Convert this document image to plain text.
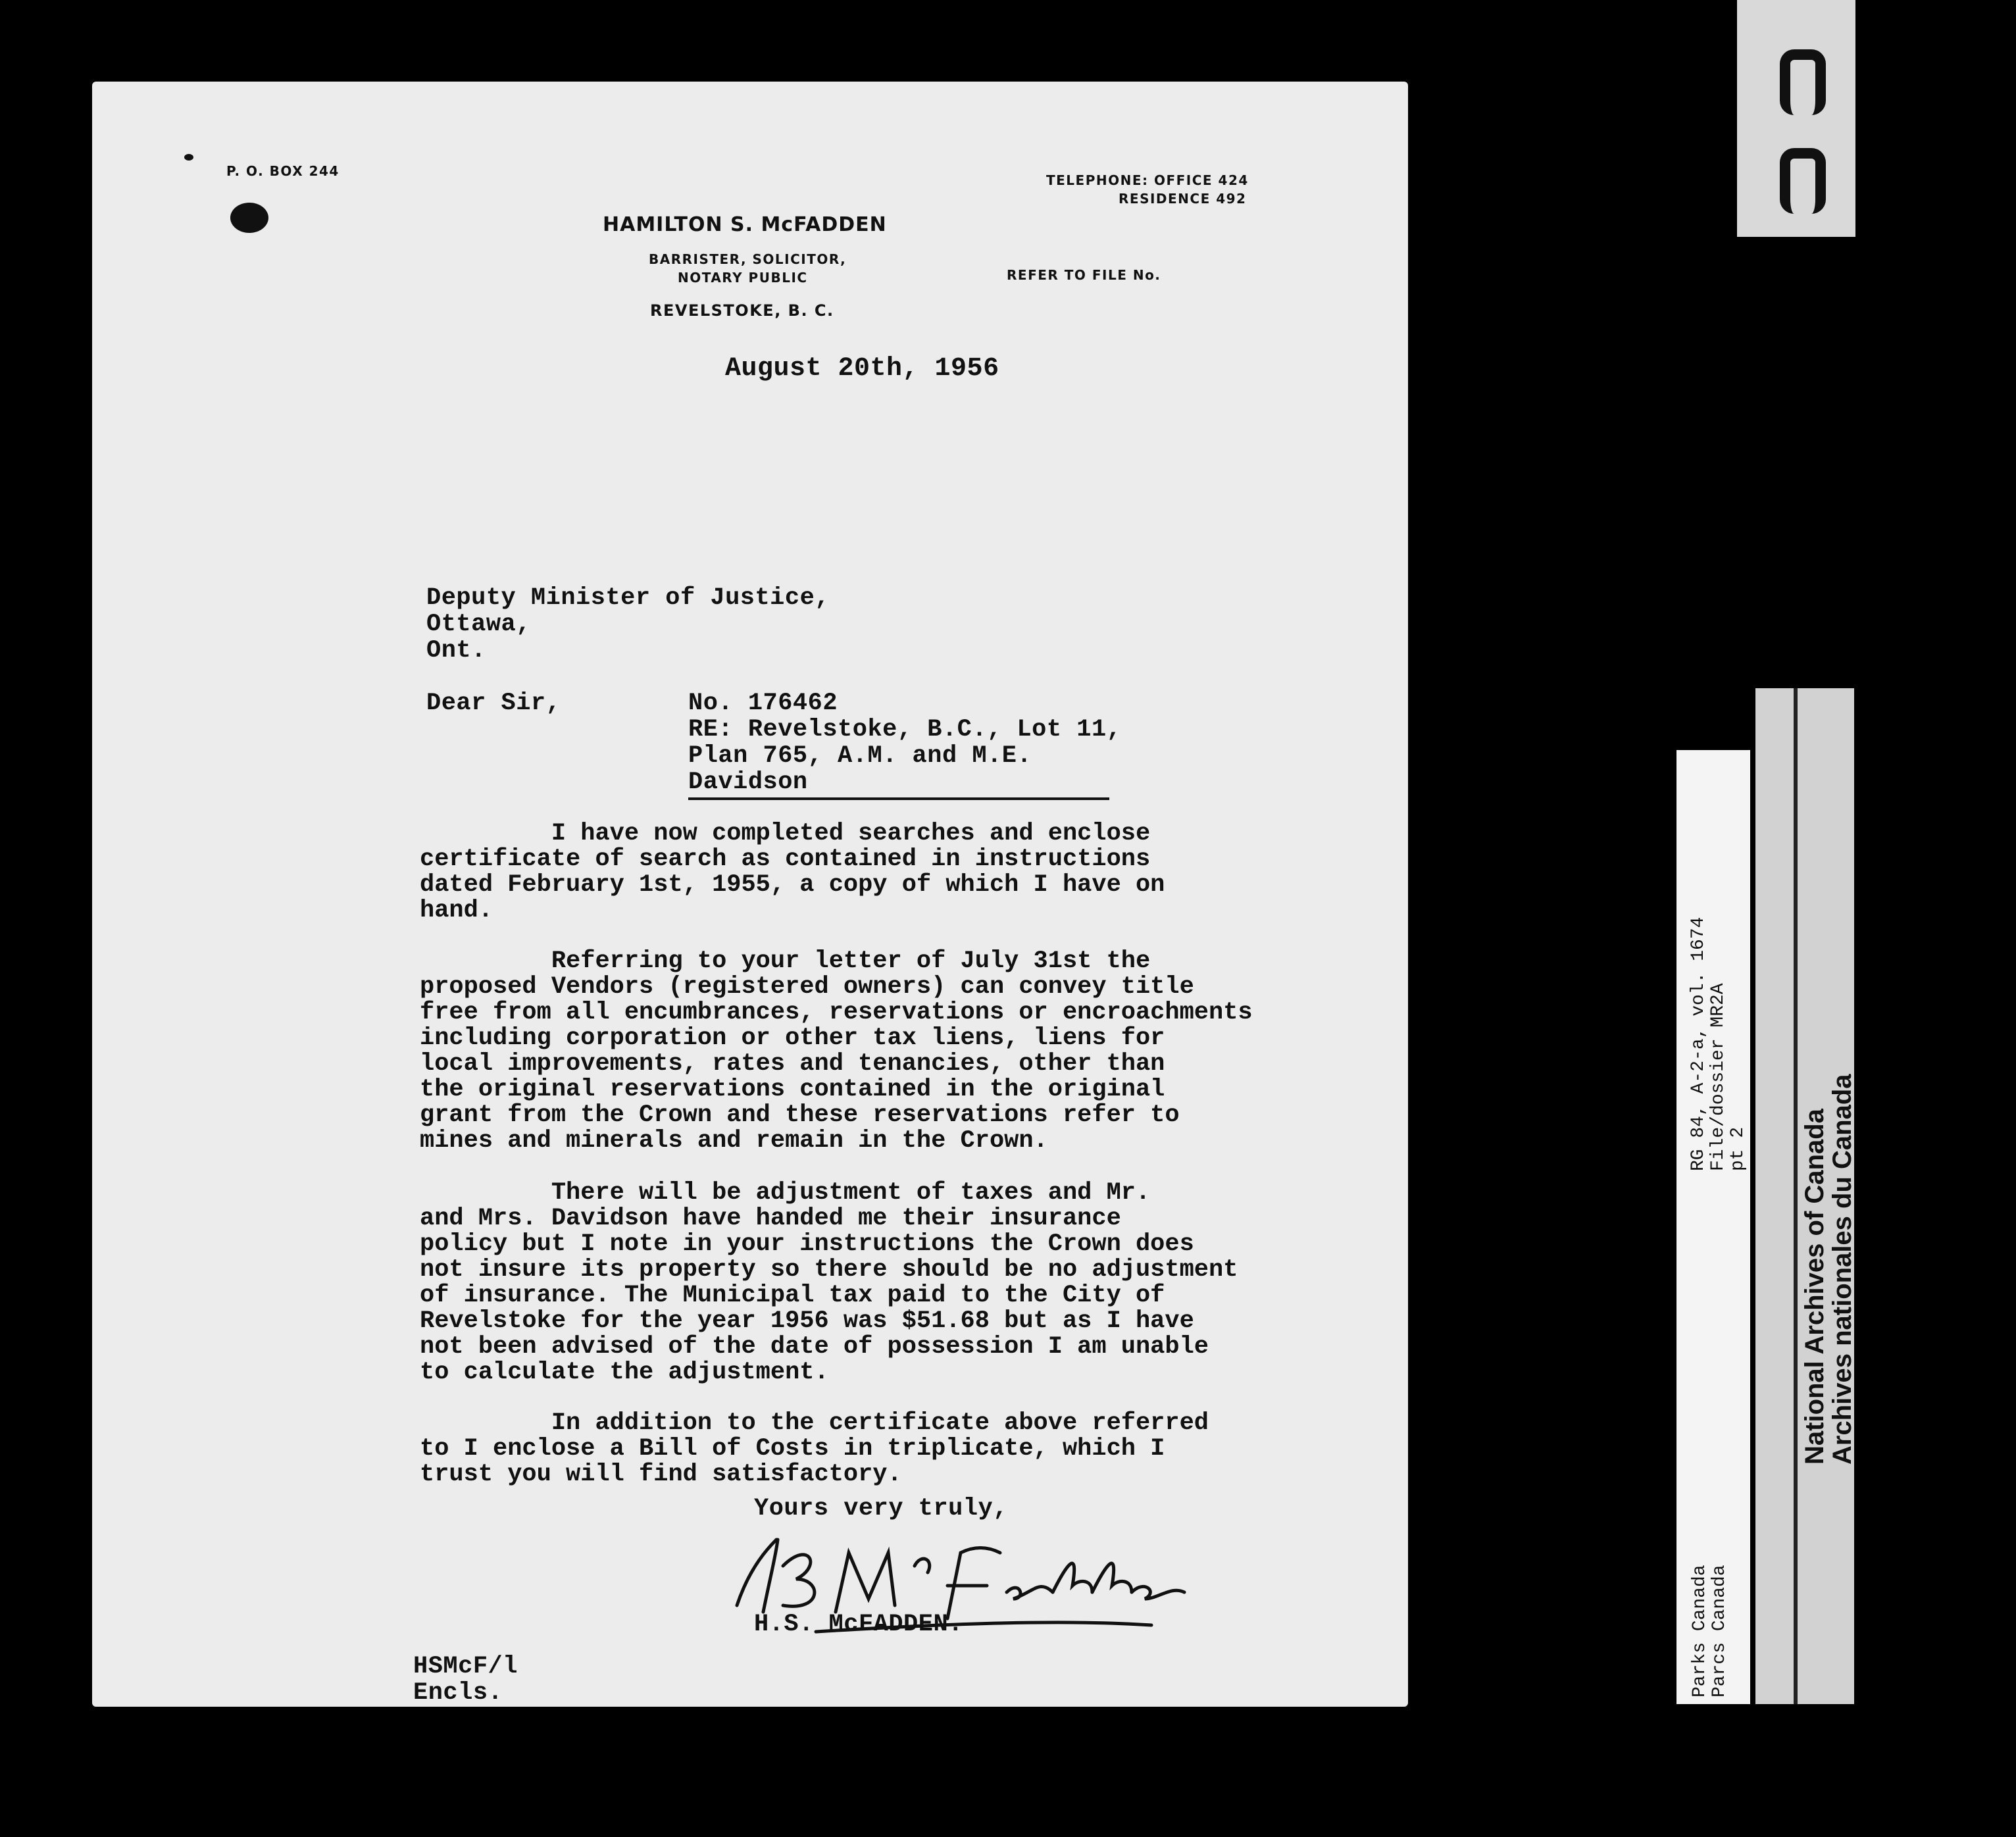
P. O. BOX 244
TELEPHONE: OFFICE 424
RESIDENCE 492
HAMILTON S. McFADDEN
BARRISTER, SOLICITOR,
NOTARY PUBLIC	REFER TO FILE No.
REVELSTOKE, B. C.
August 20th, 1956
Deputy Minister of Justice,
Ottawa,
Ont.
Dear Sir,	No. 176462
RE: Revelstoke, B.C., Lot 11,
Plan 765, A.M. and M.E.
Davidson
I have now completed searches and enclose
certificate of search as contained in instructions
dated February 1st, 1955, a copy of which I have on
hand.
Referring to your letter of July 31st the
proposed Vendors (registered owners) can convey title
free from all encumbrances, reservations or encroachments
including corporation or other tax liens, liens for
local improvements, rates and tenancies, other than
the original reservations contained in the original
grant from the Crown and these reservations refer to
mines and minerals and remain in the Crown.
There will be adjustment of taxes and Mr.
and Mrs. Davidson have handed me their insurance
policy but I note in your instructions the Crown does
not insure its property so there should be no adjustment
of insurance. The Municipal tax paid to the City of
Revelstoke for the year 1956 was $51.68 but as I have
not been advised of the date of possession I am unable
to calculate the adjustment.
In addition to the certificate above referred
to I enclose a Bill of Costs in triplicate, which I
trust you will find satisfactory.
Yours very truly,
H.S. McFADDEN.
HSMcF/l
Encls.
RG 84, A-2-a, vol. 1674 File/dossier MR2A pt 2
Parks Canada Parcs Canada
National Archives of Canada
Archives nationales du Canada
